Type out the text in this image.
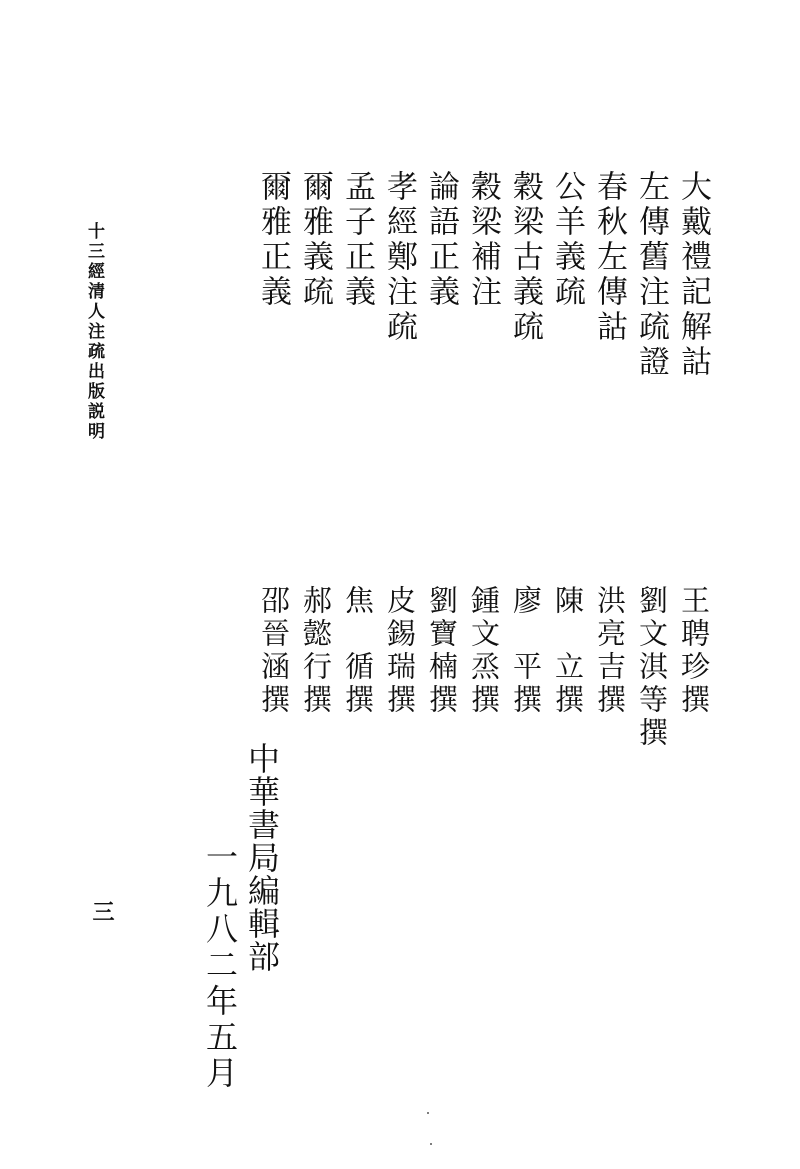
十三經清人注疏出版説明
三
大戴禮記解詁
左傳舊注疏證
春秋左傳詁
公羊義疏
穀梁古義疏
穀梁補注
論語正義
孝經鄭注疏
孟子正義
爾雅義疏
爾雅正義
王聘珍撰
劉文淇等撰
洪亮吉撰
陳　立撰
廖　平撰
鍾文烝撰
劉寶楠撰
皮錫瑞撰
焦　循撰
郝懿行撰
邵晉涵撰
中華書局編輯部
一九八二年五月
